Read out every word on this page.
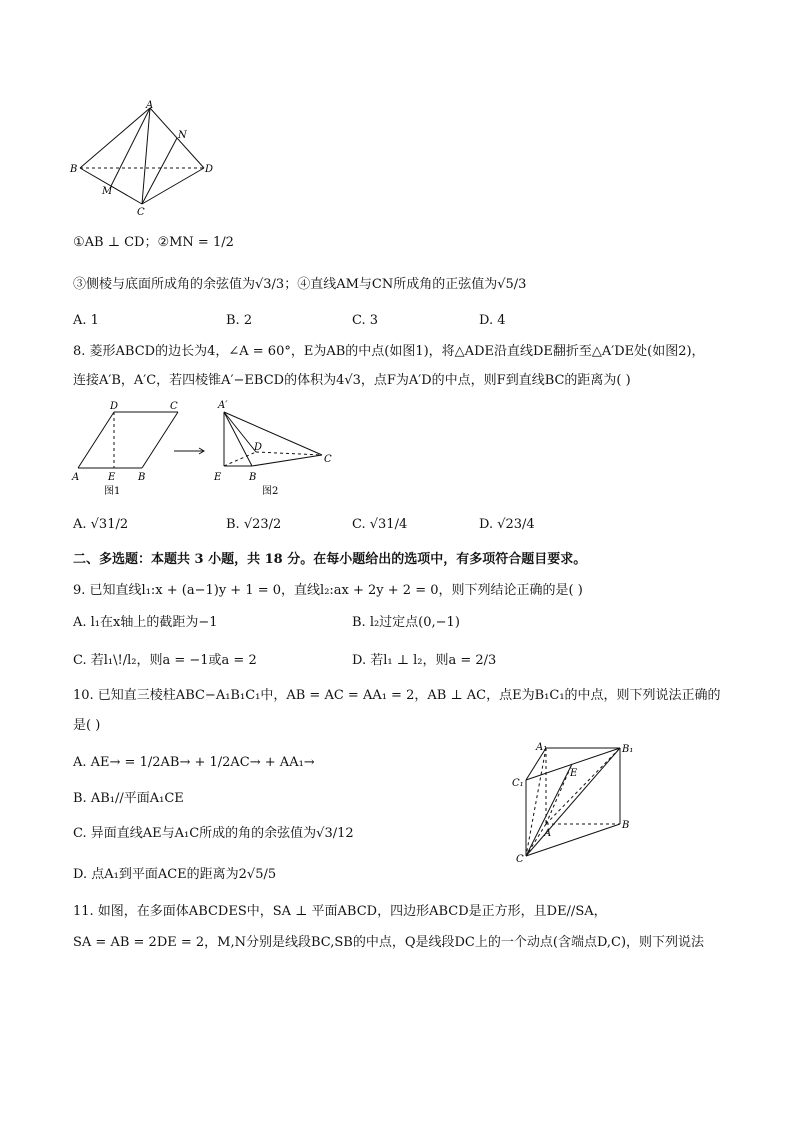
A
B
C
D
M
N
①AB ⊥ CD；②MN = 1/2
③侧棱与底面所成角的余弦值为√3/3；④直线AM与CN所成角的正弦值为√5/3
A. 1	B. 2	C. 3	D. 4
8. 菱形ABCD的边长为4，∠A = 60°，E为AB的中点(如图1)，将△ADE沿直线DE翻折至△A′DE处(如图2)，
连接A′B，A′C，若四棱锥A′−EBCD的体积为4√3，点F为A′D的中点，则F到直线BC的距离为( )
D	C
A	E B
图1
A′
D
C
E	B
图2
A. √31/2	B. √23/2	C. √31/4	D. √23/4
二、多选题：本题共 3 小题，共 18 分。在每小题给出的选项中，有多项符合题目要求。
9. 已知直线l₁:x + (a−1)y + 1 = 0，直线l₂:ax + 2y + 2 = 0，则下列结论正确的是( )
A. l₁在x轴上的截距为−1	B. l₂过定点(0,−1)
C. 若l₁\!/l₂，则a = −1或a = 2	D. 若l₁ ⊥ l₂，则a = 2/3
10. 已知直三棱柱ABC−A₁B₁C₁中，AB = AC = AA₁ = 2，AB ⊥ AC，点E为B₁C₁的中点，则下列说法正确的
是( )
A. AE→ = 1/2AB→ + 1/2AC→ + AA₁→
B. AB₁//平面A₁CE
C. 异面直线AE与A₁C所成的角的余弦值为√3/12
D. 点A₁到平面ACE的距离为2√5/5
A₁	B₁
C₁
E
A
B
C
11. 如图，在多面体ABCDES中，SA ⊥ 平面ABCD，四边形ABCD是正方形，且DE//SA，
SA = AB = 2DE = 2，M,N分别是线段BC,SB的中点，Q是线段DC上的一个动点(含端点D,C)，则下列说法
